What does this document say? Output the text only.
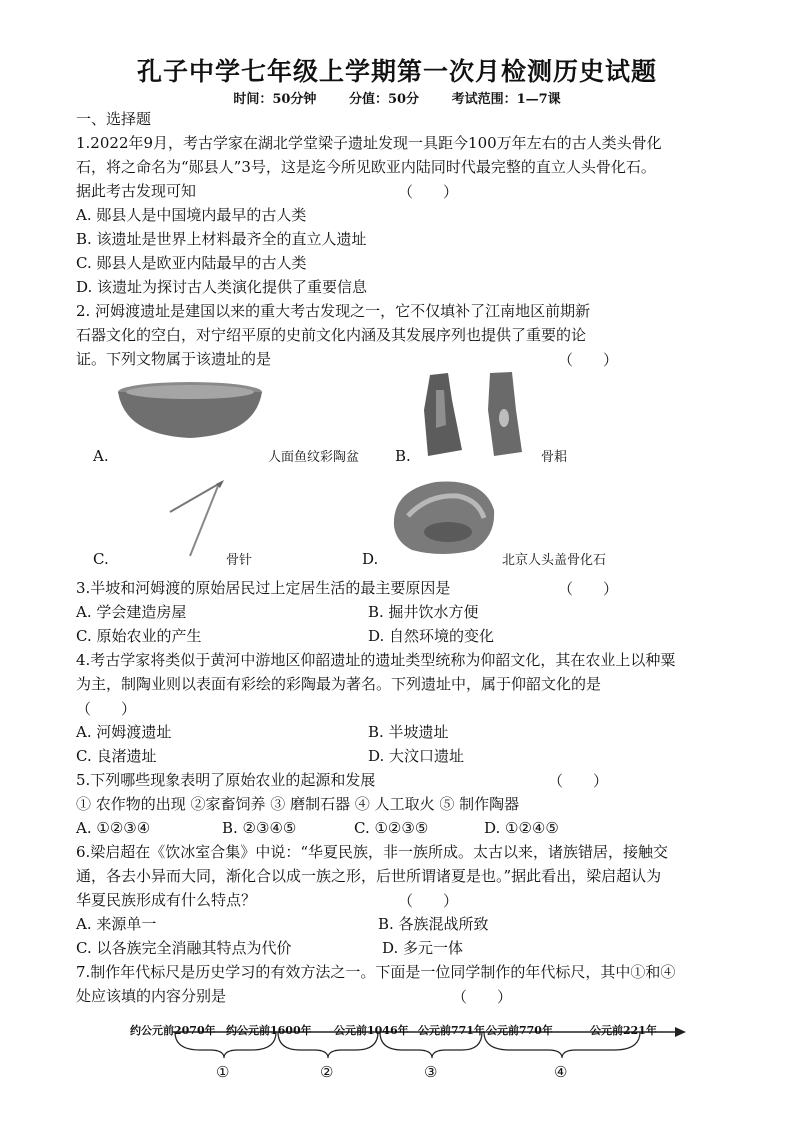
孔子中学七年级上学期第一次月检测历史试题
时间：50分钟	分值：50分	考试范围：1—7课
一、选择题
1.2022年9月，考古学家在湖北学堂梁子遗址发现一具距今100万年左右的古人类头骨化
石，将之命名为“郧县人”3号，这是迄今所见欧亚内陆同时代最完整的直立人头骨化石。
据此考古发现可知	（　　）
A. 郧县人是中国境内最早的古人类
B. 该遗址是世界上材料最齐全的直立人遗址
C. 郧县人是欧亚内陆最早的古人类
D. 该遗址为探讨古人类演化提供了重要信息
2. 河姆渡遗址是建国以来的重大考古发现之一，它不仅填补了江南地区前期新
石器文化的空白，对宁绍平原的史前文化内涵及其发展序列也提供了重要的论
证。下列文物属于该遗址的是	（　　）
A.	人面鱼纹彩陶盆 B.	骨耜
C.	骨针	D.	北京人头盖骨化石
3.半坡和河姆渡的原始居民过上定居生活的最主要原因是	（　　）
A. 学会建造房屋	B. 掘井饮水方便
C. 原始农业的产生	D. 自然环境的变化
4.考古学家将类似于黄河中游地区仰韶遗址的遗址类型统称为仰韶文化，其在农业上以种粟
为主，制陶业则以表面有彩绘的彩陶最为著名。下列遗址中，属于仰韶文化的是
（　　）
A. 河姆渡遗址	B. 半坡遗址
C. 良渚遗址	D. 大汶口遗址
5.下列哪些现象表明了原始农业的起源和发展	（　　）
① 农作物的出现 ②家畜饲养 ③ 磨制石器 ④ 人工取火 ⑤ 制作陶器
A. ①②③④	B. ②③④⑤	C. ①②③⑤	D. ①②④⑤
6.梁启超在《饮冰室合集》中说：“华夏民族，非一族所成。太古以来，诸族错居，接触交
通，各去小异而大同，渐化合以成一族之形，后世所谓诸夏是也。”据此看出，梁启超认为
华夏民族形成有什么特点？	（　　）
A. 来源单一	B. 各族混战所致
C. 以各族完全消融其特点为代价	D. 多元一体
7.制作年代标尺是历史学习的有效方法之一。下面是一位同学制作的年代标尺，其中①和④
处应该填的内容分别是	（　　）
约公元前2070年 约公元前1600年 公元前1046年 公元前771年 公元前770年	公元前221年
①	②	③	④
